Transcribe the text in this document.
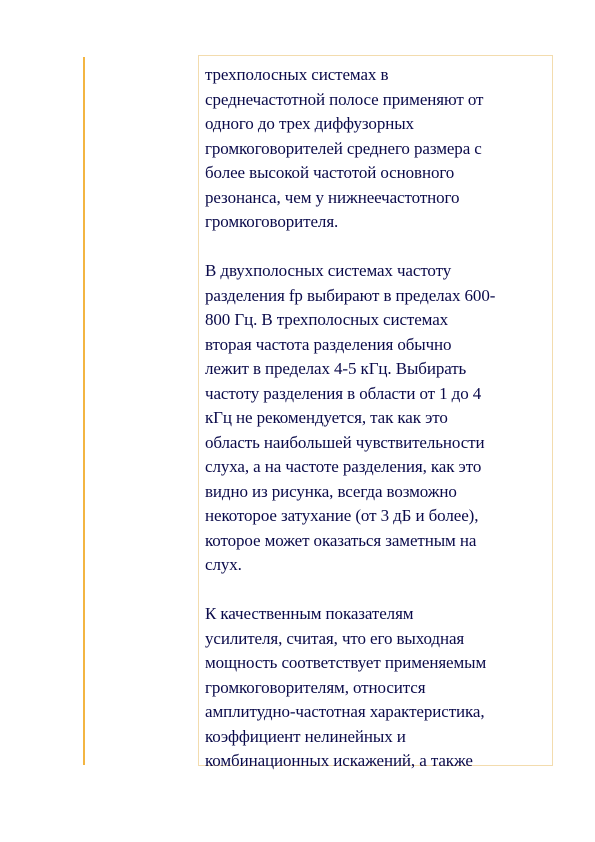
трехполосных системах в
среднечастотной полосе применяют от
одного до трех диффузорных
громкоговорителей среднего размера с
более высокой частотой основного
резонанса, чем у нижнеечастотного
громкоговорителя.

В двухполосных системах частоту
разделения fp выбирают в пределах 600-
800 Гц. В трехполосных системах
вторая частота разделения обычно
лежит в пределах 4-5 кГц. Выбирать
частоту разделения в области от 1 до 4
кГц не рекомендуется, так как это
область наибольшей чувствительности
слуха, а на частоте разделения, как это
видно из рисунка, всегда возможно
некоторое затухание (от 3 дБ и более),
которое может оказаться заметным на
слух.

К качественным показателям
усилителя, считая, что его выходная
мощность соответствует применяемым
громкоговорителям, относится
амплитудно-частотная характеристика,
коэффициент нелинейных и
комбинационных искажений, а также
